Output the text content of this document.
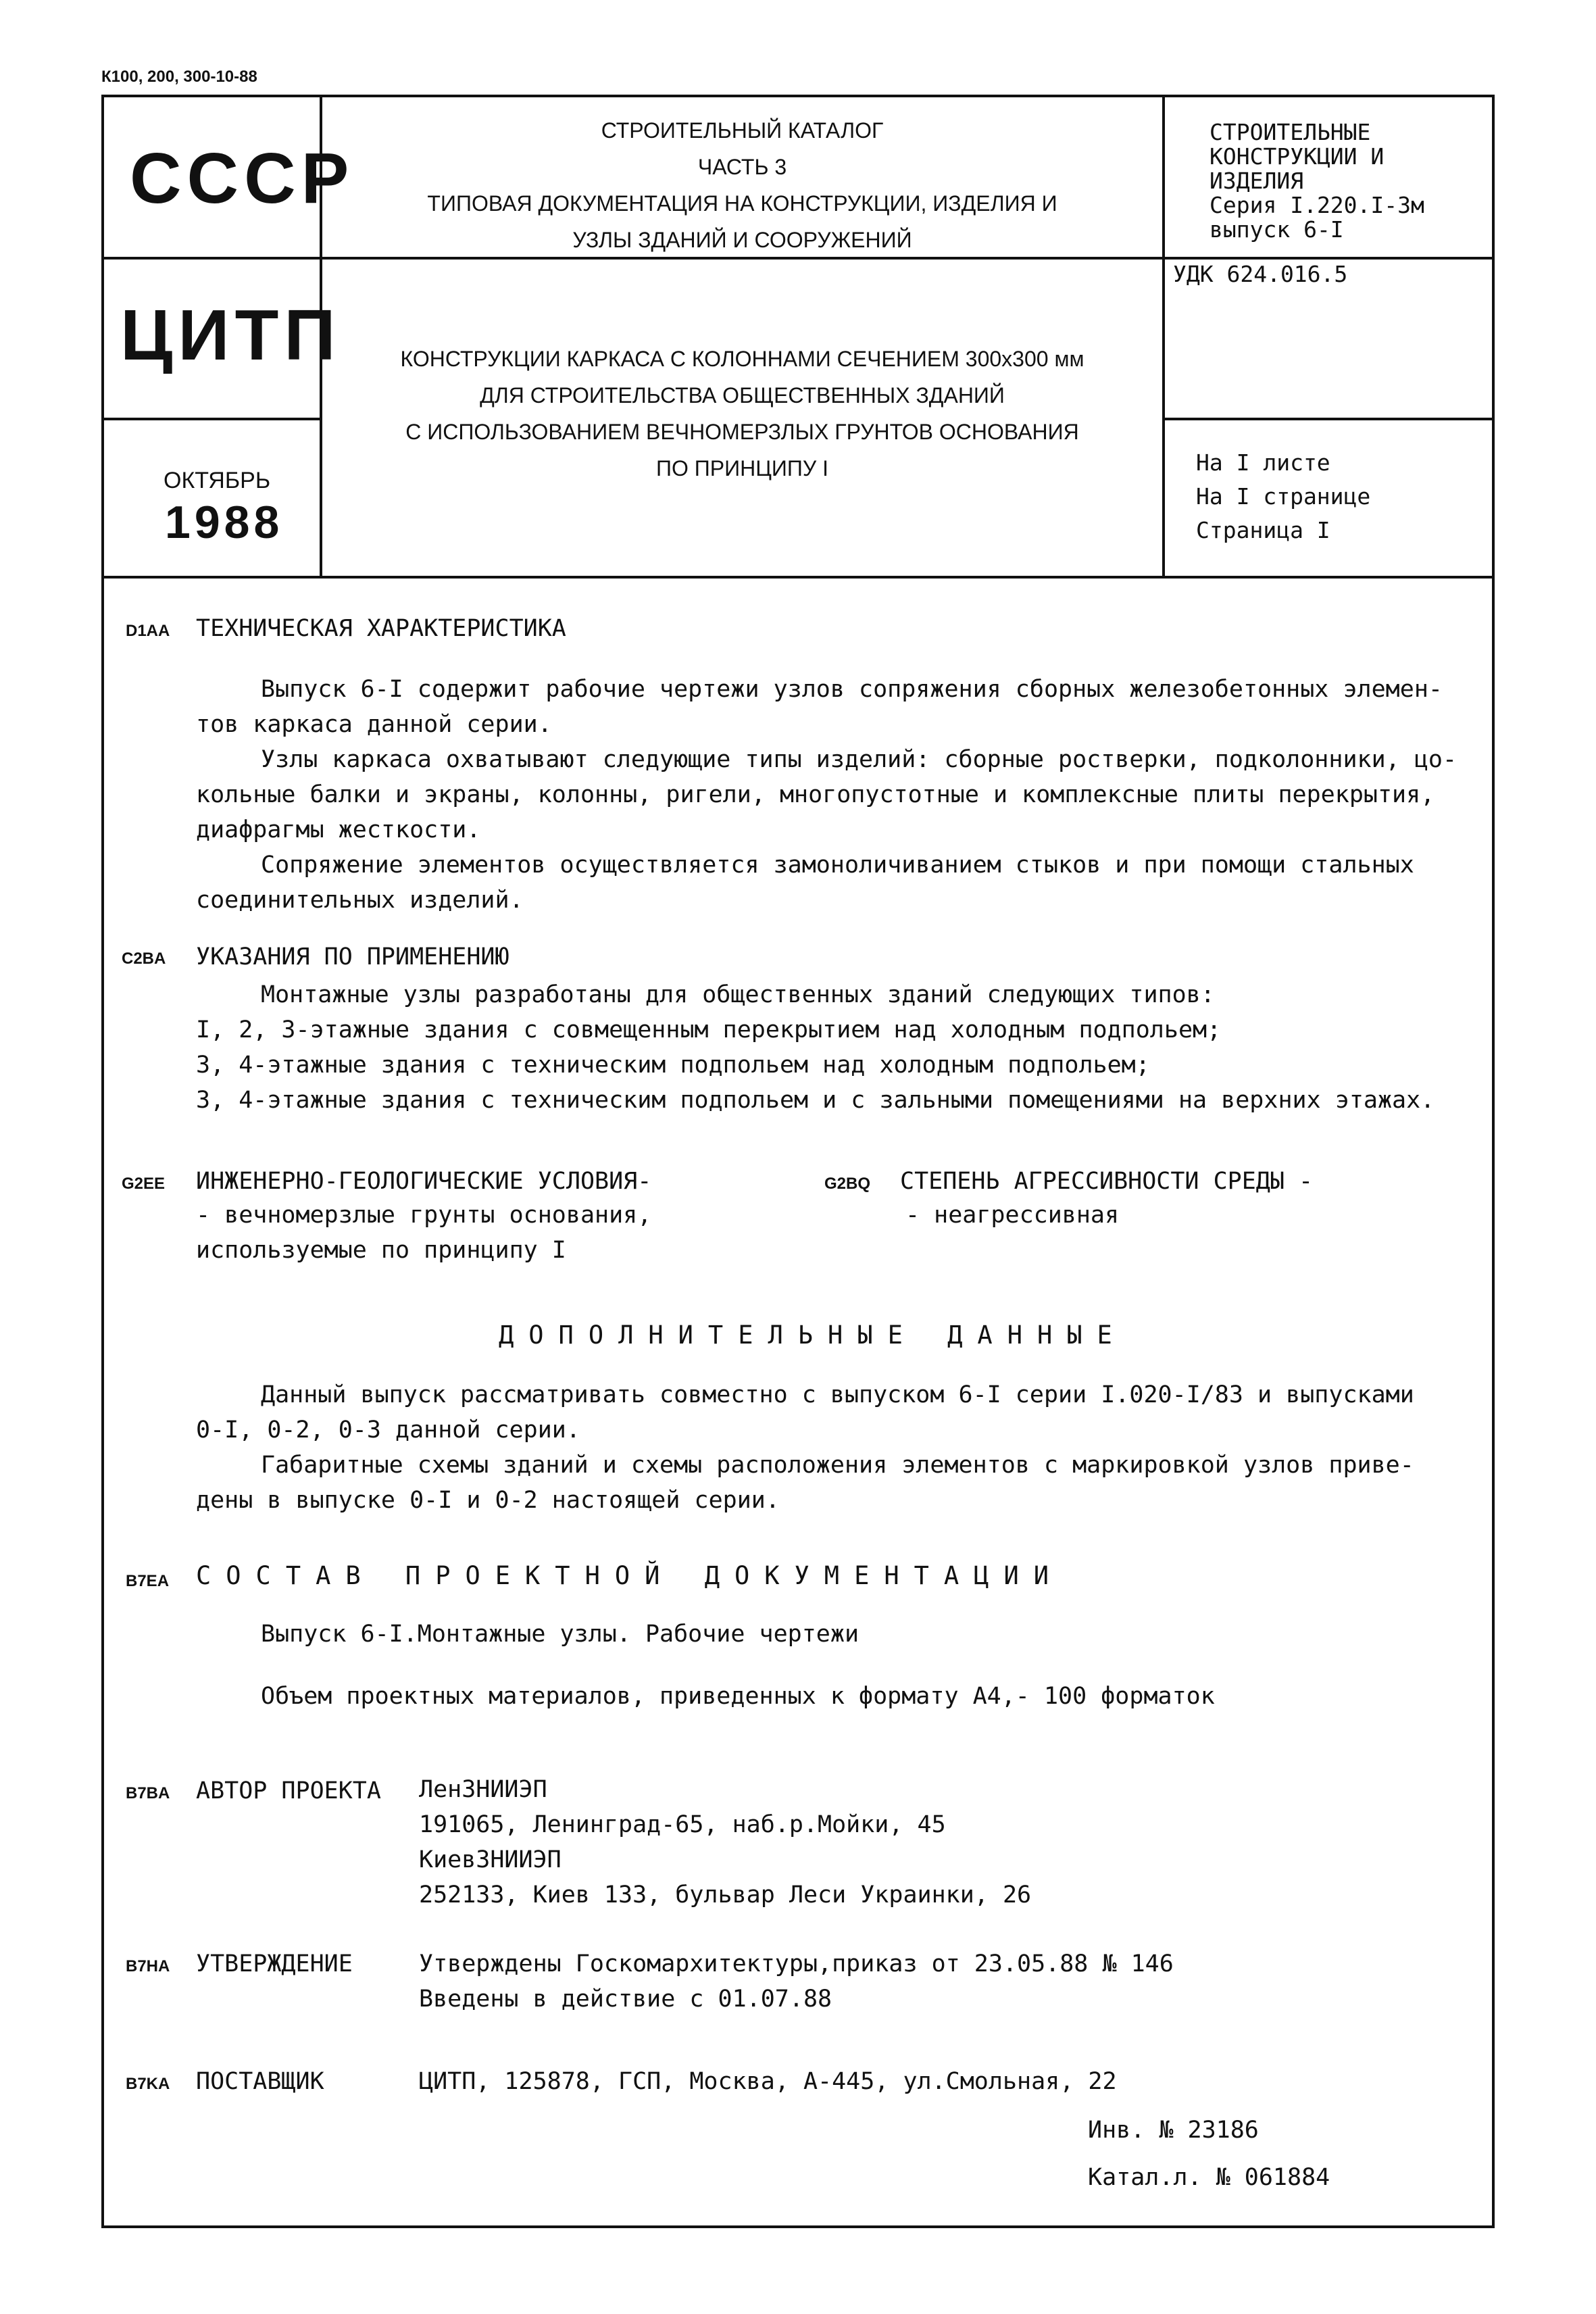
К100, 200, 300-10-88
СССР
ЦИТП
ОКТЯБРЬ
1988
СТРОИТЕЛЬНЫЙ КАТАЛОГ
ЧАСТЬ 3
ТИПОВАЯ ДОКУМЕНТАЦИЯ НА КОНСТРУКЦИИ, ИЗДЕЛИЯ И
УЗЛЫ ЗДАНИЙ И СООРУЖЕНИЙ
КОНСТРУКЦИИ КАРКАСА С КОЛОННАМИ СЕЧЕНИЕМ 300х300 мм
ДЛЯ СТРОИТЕЛЬСТВА ОБЩЕСТВЕННЫХ ЗДАНИЙ
С ИСПОЛЬЗОВАНИЕМ ВЕЧНОМЕРЗЛЫХ ГРУНТОВ ОСНОВАНИЯ
ПО ПРИНЦИПУ I
СТРОИТЕЛЬНЫЕ
КОНСТРУКЦИИ И
ИЗДЕЛИЯ
Серия I.220.I-3м
выпуск 6-I
УДК 624.016.5
На I листе
На I странице
Страница I
D1AA ТЕХНИЧЕСКАЯ ХАРАКТЕРИСТИКА
Выпуск 6-I содержит рабочие чертежи узлов сопряжения сборных железобетонных элемен-
тов каркаса данной серии.
Узлы каркаса охватывают следующие типы изделий: сборные ростверки, подколонники, цо-
кольные балки и экраны, колонны, ригели, многопустотные и комплексные плиты перекрытия,
диафрагмы жесткости.
Сопряжение элементов осуществляется замоноличиванием стыков и при помощи стальных
соединительных изделий.
C2BA УКАЗАНИЯ ПО ПРИМЕНЕНИЮ
Монтажные узлы разработаны для общественных зданий следующих типов:
I, 2, 3-этажные здания с совмещенным перекрытием над холодным подпольем;
3, 4-этажные здания с техническим подпольем над холодным подпольем;
3, 4-этажные здания с техническим подпольем и с зальными помещениями на верхних этажах.
G2EE ИНЖЕНЕРНО-ГЕОЛОГИЧЕСКИЕ УСЛОВИЯ-
- вечномерзлые грунты основания,
используемые по принципу I
G2BQ СТЕПЕНЬ АГРЕССИВНОСТИ СРЕДЫ -
- неагрессивная
ДОПОЛНИТЕЛЬНЫЕ ДАННЫЕ
Данный выпуск рассматривать совместно с выпуском 6-I серии I.020-I/83 и выпусками
0-I, 0-2, 0-3 данной серии.
Габаритные схемы зданий и схемы расположения элементов с маркировкой узлов приве-
дены в выпуске 0-I и 0-2 настоящей серии.
B7EA СОСТАВ ПРОЕКТНОЙ ДОКУМЕНТАЦИИ
Выпуск 6-I.Монтажные узлы. Рабочие чертежи
Объем проектных материалов, приведенных к формату А4,- 100 форматок
B7BA АВТОР ПРОЕКТА ЛенЗНИИЭП
191065, Ленинград-65, наб.р.Мойки, 45
КиевЗНИИЭП
252133, Киев 133, бульвар Леси Украинки, 26
B7HA УТВЕРЖДЕНИЕ	Утверждены Госкомархитектуры,приказ от 23.05.88 № 146
Введены в действие с 01.07.88
B7KA ПОСТАВЩИК	ЦИТП, 125878, ГСП, Москва, А-445, ул.Смольная, 22
Инв. № 23186
Катал.л. № 061884
